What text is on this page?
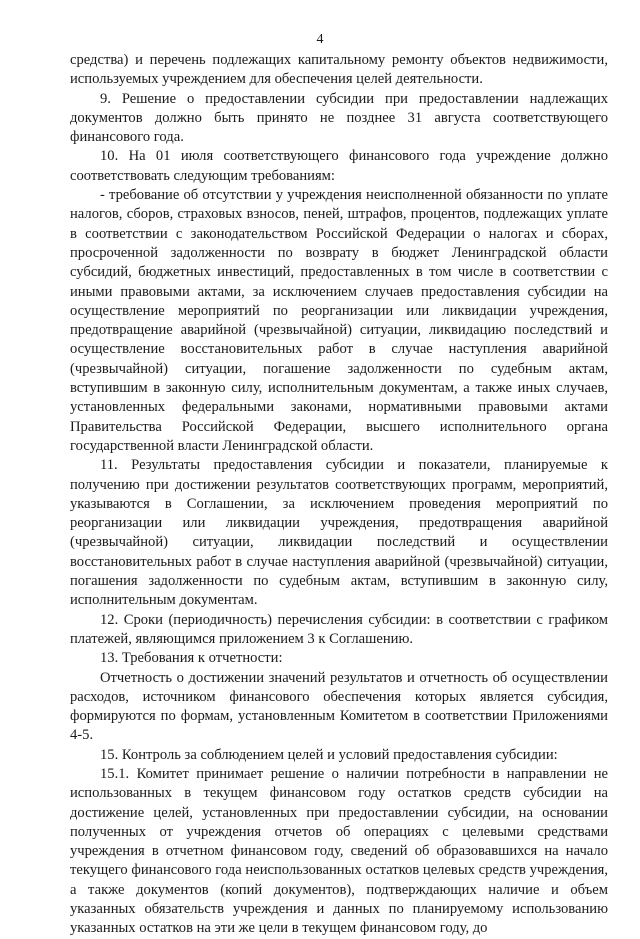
4

средства) и перечень подлежащих капитальному ремонту объектов недвижимости, используемых учреждением для обеспечения целей деятельности.

9. Решение о предоставлении субсидии при предоставлении надлежащих документов должно быть принято не позднее 31 августа соответствующего финансового года.

10. На 01 июля соответствующего финансового года учреждение должно соответствовать следующим требованиям:

- требование об отсутствии у учреждения неисполненной обязанности по уплате налогов, сборов, страховых взносов, пеней, штрафов, процентов, подлежащих уплате в соответствии с законодательством Российской Федерации о налогах и сборах, просроченной задолженности по возврату в бюджет Ленинградской области субсидий, бюджетных инвестиций, предоставленных в том числе в соответствии с иными правовыми актами, за исключением случаев предоставления субсидии на осуществление мероприятий по реорганизации или ликвидации учреждения, предотвращение аварийной (чрезвычайной) ситуации, ликвидацию последствий и осуществление восстановительных работ в случае наступления аварийной (чрезвычайной) ситуации, погашение задолженности по судебным актам, вступившим в законную силу, исполнительным документам, а также иных случаев, установленных федеральными законами, нормативными правовыми актами Правительства Российской Федерации, высшего исполнительного органа государственной власти Ленинградской области.

11. Результаты предоставления субсидии и показатели, планируемые к получению при достижении результатов соответствующих программ, мероприятий, указываются в Соглашении, за исключением проведения мероприятий по реорганизации или ликвидации учреждения, предотвращения аварийной (чрезвычайной) ситуации, ликвидации последствий и осуществлении восстановительных работ в случае наступления аварийной (чрезвычайной) ситуации, погашения задолженности по судебным актам, вступившим в законную силу, исполнительным документам.

12. Сроки (периодичность) перечисления субсидии: в соответствии с графиком платежей, являющимся приложением 3 к Соглашению.

13. Требования к отчетности:

Отчетность о достижении значений результатов и отчетность об осуществлении расходов, источником финансового обеспечения которых является субсидия, формируются по формам, установленным Комитетом в соответствии Приложениями 4-5.

15. Контроль за соблюдением целей и условий предоставления субсидии:

15.1. Комитет принимает решение о наличии потребности в направлении не использованных в текущем финансовом году остатков средств субсидии на достижение целей, установленных при предоставлении субсидии, на основании полученных от учреждения отчетов об операциях с целевыми средствами учреждения в отчетном финансовом году, сведений об образовавшихся на начало текущего финансового года неиспользованных остатков целевых средств учреждения, а также документов (копий документов), подтверждающих наличие и объем указанных обязательств учреждения и данных по планируемому использованию указанных остатков на эти же цели в текущем финансовом году, до
